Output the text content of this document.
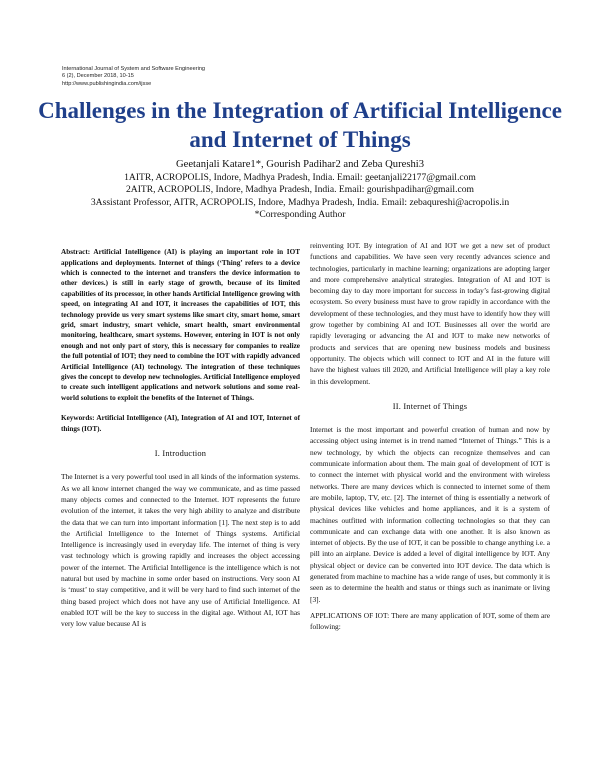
International Journal of System and Software Engineering
6 (2), December 2018, 10-15
http://www.publishingindia.com/ijsse
Challenges in the Integration of Artificial Intelligence and Internet of Things
Geetanjali Katare1*, Gourish Padihar2 and Zeba Qureshi3
1AITR, ACROPOLIS, Indore, Madhya Pradesh, India. Email: geetanjali22177@gmail.com
2AITR, ACROPOLIS, Indore, Madhya Pradesh, India. Email: gourishpadihar@gmail.com
3Assistant Professor, AITR, ACROPOLIS, Indore, Madhya Pradesh, India. Email: zebaqureshi@acropolis.in
*Corresponding Author

Abstract: Artificial Intelligence (AI) is playing an important role in IOT applications and deployments. Internet of things (‘Thing’ refers to a device which is connected to the internet and transfers the device information to other devices.) is still in early stage of growth, because of its limited capabilities of its processor, in other hands Artificial Intelligence growing with speed, on integrating AI and IOT, it increases the capabilities of IOT, this technology provide us very smart systems like smart city, smart home, smart grid, smart industry, smart vehicle, smart health, smart environmental monitoring, healthcare, smart systems. However, entering in IOT is not only enough and not only part of story, this is necessary for companies to realize the full potential of IOT; they need to combine the IOT with rapidly advanced Artificial Intelligence (AI) technology. The integration of these techniques gives the concept to develop new technologies. Artificial Intelligence employed to create such intelligent applications and network solutions and some real-world solutions to exploit the benefits of the Internet of Things.

Keywords: Artificial Intelligence (AI), Integration of AI and IOT, Internet of things (IOT).

I. Introduction

The Internet is a very powerful tool used in all kinds of the information systems. As we all know internet changed the way we communicate, and as time passed many objects comes and connected to the Internet. IOT represents the future evolution of the internet, it takes the very high ability to analyze and distribute the data that we can turn into important information [1]. The next step is to add the Artificial Intelligence to the Internet of Things systems. Artificial Intelligence is increasingly used in everyday life. The internet of thing is very vast technology which is growing rapidly and increases the object accessing power of the internet. The Artificial Intelligence is the intelligence which is not natural but used by machine in some order based on instructions. Very soon AI is ‘must’ to stay competitive, and it will be very hard to find such internet of the thing based project which does not have any use of Artificial Intelligence. AI enabled IOT will be the key to success in the digital age. Without AI, IOT has very low value because AI is

reinventing IOT. By integration of AI and IOT we get a new set of product functions and capabilities. We have seen very recently advances science and technologies, particularly in machine learning; organizations are adopting larger and more comprehensive analytical strategies. Integration of AI and IOT is becoming day to day more important for success in today’s fast-growing digital ecosystem. So every business must have to grow rapidly in accordance with the development of these technologies, and they must have to identify how they will grow together by combining AI and IOT. Businesses all over the world are rapidly leveraging or advancing the AI and IOT to make new networks of products and services that are opening new business models and business opportunity. The objects which will connect to IOT and AI in the future will have the highest values till 2020, and Artificial Intelligence will play a key role in this development.

II. Internet of Things

Internet is the most important and powerful creation of human and now by accessing object using internet is in trend named “Internet of Things.” This is a new technology, by which the objects can recognize themselves and can communicate information about them. The main goal of development of IOT is to connect the internet with physical world and the environment with wireless networks. There are many devices which is connected to internet some of them are mobile, laptop, TV, etc. [2]. The internet of thing is essentially a network of physical devices like vehicles and home appliances, and it is a system of machines outfitted with information collecting technologies so that they can communicate and can exchange data with one another. It is also known as internet of objects. By the use of IOT, it can be possible to change anything i.e. a pill into an airplane. Device is added a level of digital intelligence by IOT. Any physical object or device can be converted into IOT device. The data which is generated from machine to machine has a wide range of uses, but commonly it is seen as to determine the health and status or things such as inanimate or living [3].

APPLICATIONS OF IOT: There are many application of IOT, some of them are following:
